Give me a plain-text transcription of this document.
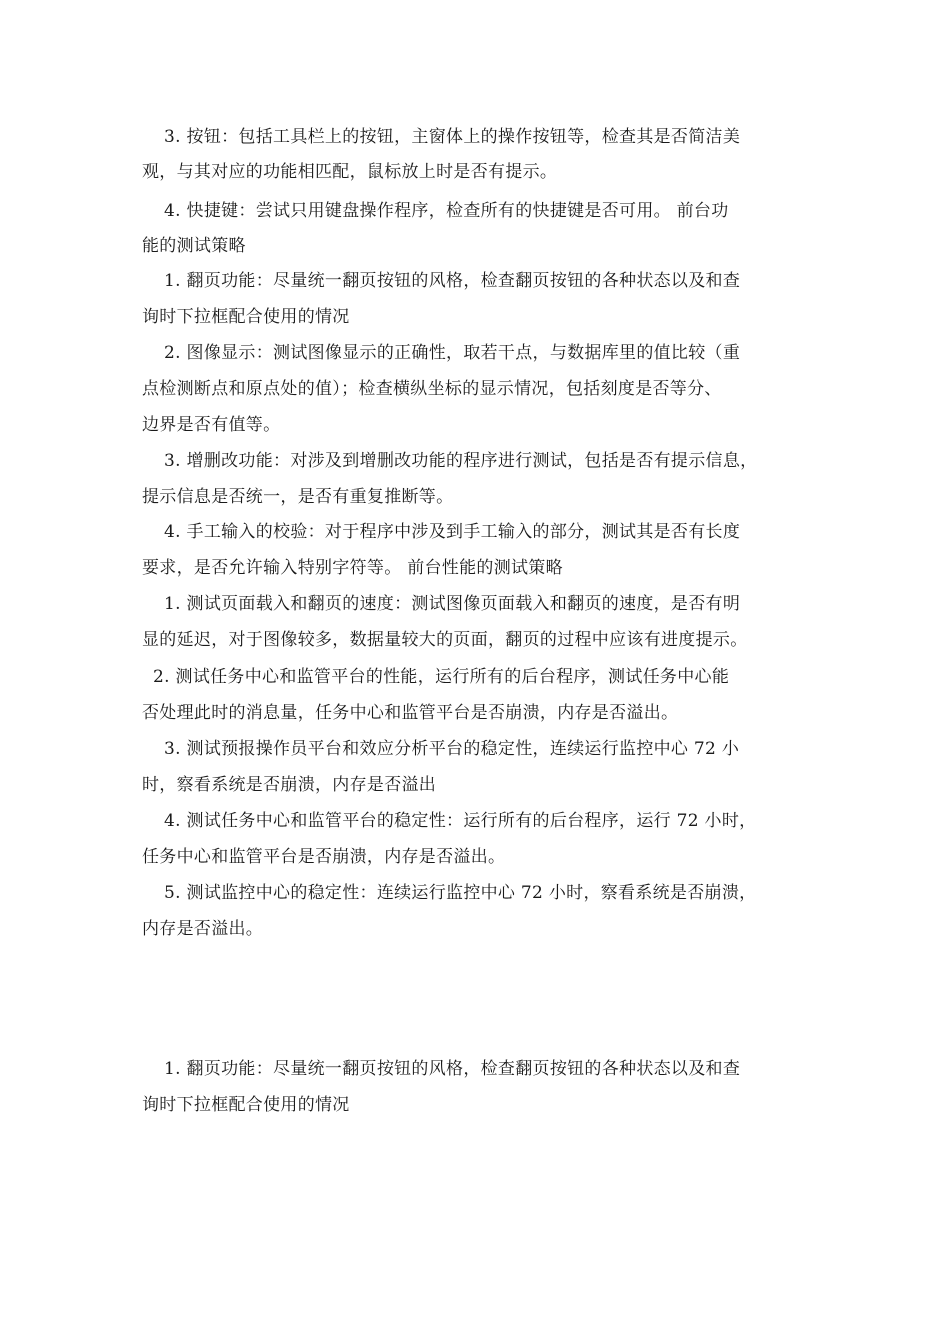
3. 按钮：包括工具栏上的按钮，主窗体上的操作按钮等，检查其是否简洁美
观，与其对应的功能相匹配，鼠标放上时是否有提示。
4. 快捷键：尝试只用键盘操作程序，检查所有的快捷键是否可用。 前台功
能的测试策略
1. 翻页功能：尽量统一翻页按钮的风格，检查翻页按钮的各种状态以及和查
询时下拉框配合使用的情况
2. 图像显示：测试图像显示的正确性，取若干点，与数据库里的值比较（重
点检测断点和原点处的值）；检查横纵坐标的显示情况，包括刻度是否等分、
边界是否有值等。
3. 增删改功能：对涉及到增删改功能的程序进行测试，包括是否有提示信息，
提示信息是否统一，是否有重复推断等。
4. 手工输入的校验：对于程序中涉及到手工输入的部分，测试其是否有长度
要求，是否允许输入特别字符等。 前台性能的测试策略
1. 测试页面载入和翻页的速度：测试图像页面载入和翻页的速度，是否有明
显的延迟，对于图像较多，数据量较大的页面，翻页的过程中应该有进度提示。
2. 测试任务中心和监管平台的性能，运行所有的后台程序，测试任务中心能
否处理此时的消息量，任务中心和监管平台是否崩溃，内存是否溢出。
3. 测试预报操作员平台和效应分析平台的稳定性，连续运行监控中心 72 小
时，察看系统是否崩溃，内存是否溢出
4. 测试任务中心和监管平台的稳定性：运行所有的后台程序，运行 72 小时，
任务中心和监管平台是否崩溃，内存是否溢出。
5. 测试监控中心的稳定性：连续运行监控中心 72 小时，察看系统是否崩溃，
内存是否溢出。
1. 翻页功能：尽量统一翻页按钮的风格，检查翻页按钮的各种状态以及和查
询时下拉框配合使用的情况
